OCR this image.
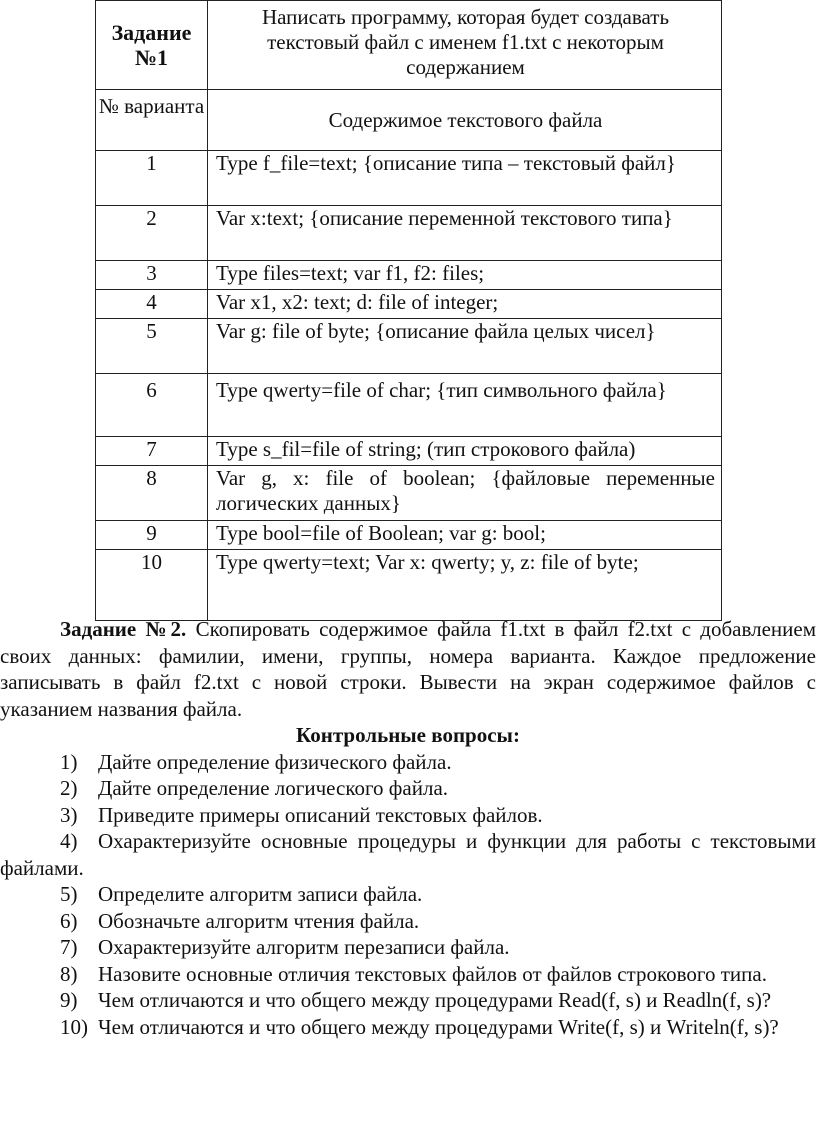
Задание №1	Написать программу, которая будет создавать текстовый файл с именем f1.txt с некоторым содержанием
№ варианта	Содержимое текстового файла
1	Type f_file=text; {описание типа – текстовый файл}
2	Var x:text; {описание переменной текстового типа}
3	Type files=text; var f1, f2: files;
4	Var x1, x2: text; d: file of integer;
5	Var g: file of byte; {описание файла целых чисел}
6	Type qwerty=file of char; {тип символьного файла}
7	Type s_fil=file of string; (тип строкового файла)
8	Var g, x: file of boolean; {файловые переменные логических данных}
9	Type bool=file of Boolean; var g: bool;
10	Type qwerty=text; Var x: qwerty; y, z: file of byte;

Задание №2. Скопировать содержимое файла f1.txt в файл f2.txt с добавлением своих данных: фамилии, имени, группы, номера варианта. Каждое предложение записывать в файл f2.txt с новой строки. Вывести на экран содержимое файлов с указанием названия файла.

Контрольные вопросы:

1) Дайте определение физического файла.

2) Дайте определение логического файла.

3) Приведите примеры описаний текстовых файлов.

4) Охарактеризуйте основные процедуры и функции для работы с текстовыми файлами.

5) Определите алгоритм записи файла.

6) Обозначьте алгоритм чтения файла.

7) Охарактеризуйте алгоритм перезаписи файла.

8) Назовите основные отличия текстовых файлов от файлов строкового типа.

9) Чем отличаются и что общего между процедурами Read(f, s) и Readln(f, s)?

10) Чем отличаются и что общего между процедурами Write(f, s) и Writeln(f, s)?
